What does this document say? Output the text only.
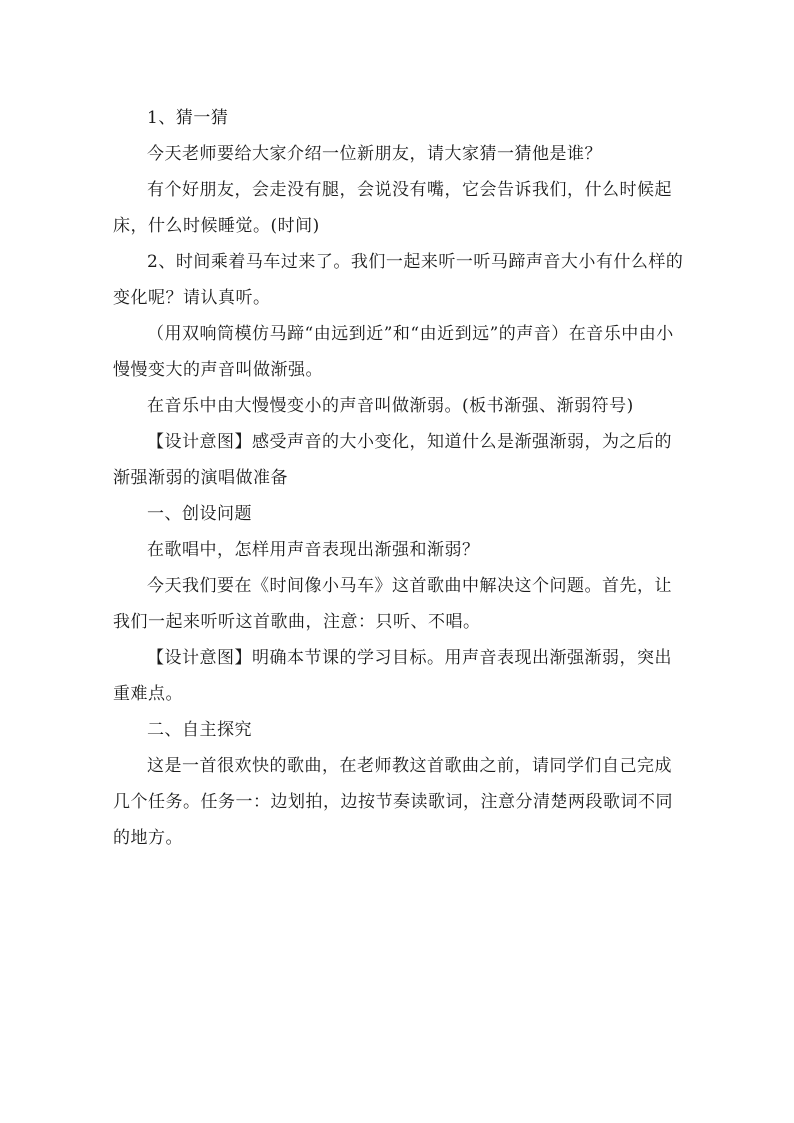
1、猜一猜

今天老师要给大家介绍一位新朋友，请大家猜一猜他是谁？

有个好朋友，会走没有腿，会说没有嘴，它会告诉我们，什么时候起床，什么时候睡觉。(时间)

2、时间乘着马车过来了。我们一起来听一听马蹄声音大小有什么样的变化呢？请认真听。

（用双响筒模仿马蹄“由远到近”和“由近到远”的声音）在音乐中由小慢慢变大的声音叫做渐强。

在音乐中由大慢慢变小的声音叫做渐弱。(板书渐强、渐弱符号)

【设计意图】感受声音的大小变化，知道什么是渐强渐弱，为之后的渐强渐弱的演唱做准备

一、创设问题

在歌唱中，怎样用声音表现出渐强和渐弱？

今天我们要在《时间像小马车》这首歌曲中解决这个问题。首先，让我们一起来听听这首歌曲，注意：只听、不唱。

【设计意图】明确本节课的学习目标。用声音表现出渐强渐弱，突出重难点。

二、自主探究

这是一首很欢快的歌曲，在老师教这首歌曲之前，请同学们自己完成几个任务。任务一：边划拍，边按节奏读歌词，注意分清楚两段歌词不同的地方。
